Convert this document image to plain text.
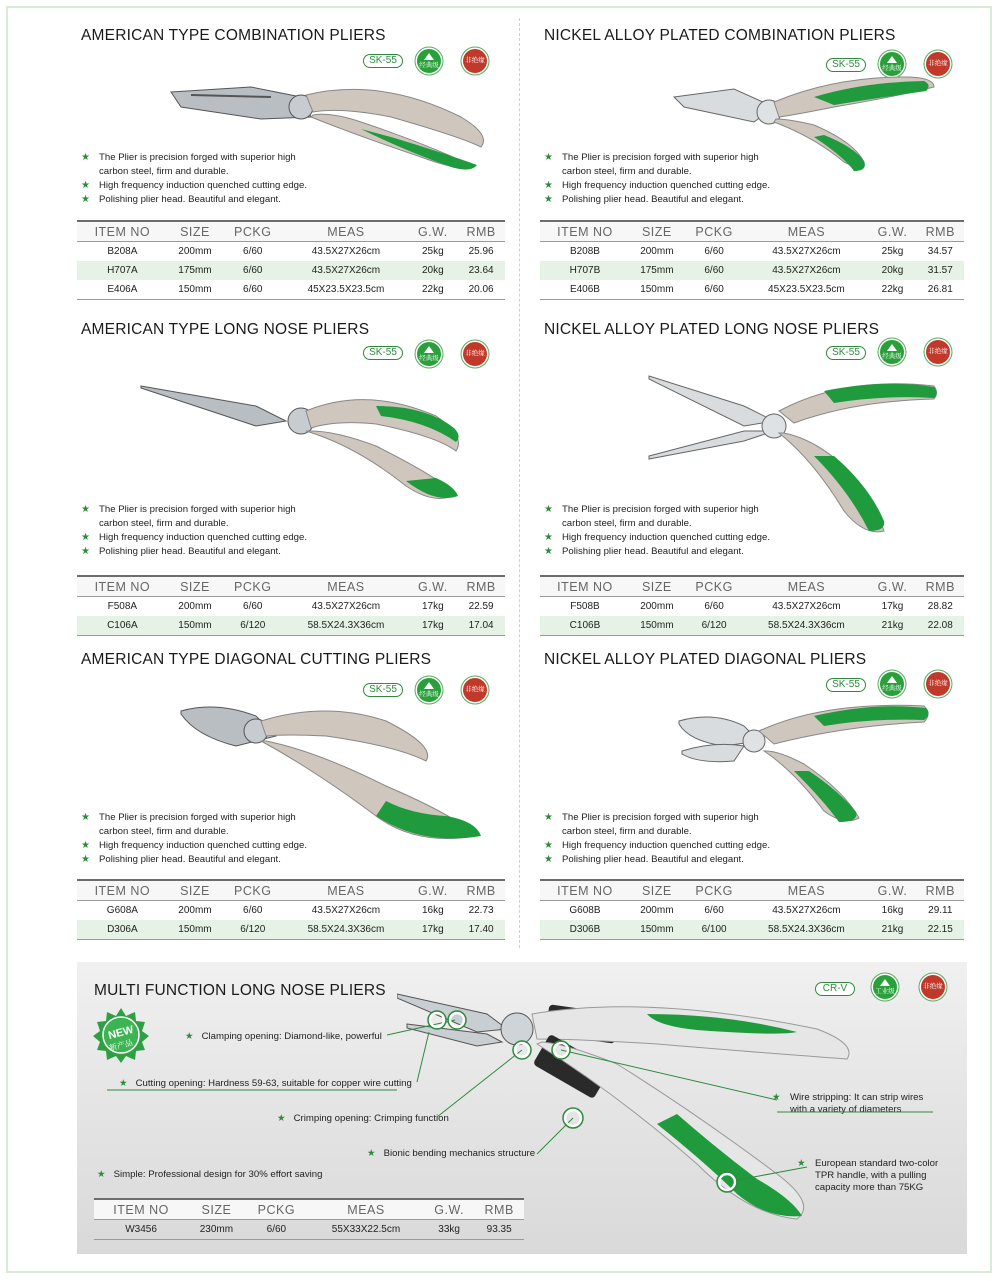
AMERICAN TYPE COMBINATION PLIERS
SK-55	经典级
非绝缘
★ The Plier is precision forged with superior high
carbon steel, firm and durable.
★ High frequency induction quenched cutting edge.
★ Polishing plier head. Beautiful and elegant.
ITEM NO	SIZE	PCKG	MEAS	G.W.	RMB
B208A	200mm	6/60	43.5X27X26cm	25kg	25.96
H707A	175mm	6/60	43.5X27X26cm	20kg	23.64
E406A	150mm	6/60	45X23.5X23.5cm	22kg	20.06
NICKEL ALLOY PLATED COMBINATION PLIERS
SK-55	经典级
非绝缘
★ The Plier is precision forged with superior high
carbon steel, firm and durable.
★ High frequency induction quenched cutting edge.
★ Polishing plier head. Beautiful and elegant.
ITEM NO	SIZE	PCKG	MEAS	G.W.	RMB
B208B	200mm	6/60	43.5X27X26cm	25kg	34.57
H707B	175mm	6/60	43.5X27X26cm	20kg	31.57
E406B	150mm	6/60	45X23.5X23.5cm	22kg	26.81
AMERICAN TYPE LONG NOSE PLIERS
SK-55
经典级
非绝缘
★ The Plier is precision forged with superior high
carbon steel, firm and durable.
★ High frequency induction quenched cutting edge.
★ Polishing plier head. Beautiful and elegant.
ITEM NO	SIZE	PCKG	MEAS	G.W.	RMB
F508A	200mm	6/60	43.5X27X26cm	17kg	22.59
C106A	150mm	6/120	58.5X24.3X36cm	17kg	17.04
NICKEL ALLOY PLATED LONG NOSE PLIERS
SK-55	经典级
非绝缘
★ The Plier is precision forged with superior high
carbon steel, firm and durable.
★ High frequency induction quenched cutting edge.
★ Polishing plier head. Beautiful and elegant.
ITEM NO	SIZE	PCKG	MEAS	G.W.	RMB
F508B	200mm	6/60	43.5X27X26cm	17kg	28.82
C106B	150mm	6/120	58.5X24.3X36cm	21kg	22.08
AMERICAN TYPE DIAGONAL CUTTING PLIERS
SK-55	经典级
非绝缘
★ The Plier is precision forged with superior high
carbon steel, firm and durable.
★ High frequency induction quenched cutting edge.
★ Polishing plier head. Beautiful and elegant.
ITEM NO	SIZE	PCKG	MEAS	G.W.	RMB
G608A	200mm	6/60	43.5X27X26cm	16kg	22.73
D306A	150mm	6/120	58.5X24.3X36cm	17kg	17.40
NICKEL ALLOY PLATED DIAGONAL PLIERS
SK-55	经典级
非绝缘
★ The Plier is precision forged with superior high
carbon steel, firm and durable.
★ High frequency induction quenched cutting edge.
★ Polishing plier head. Beautiful and elegant.
ITEM NO	SIZE	PCKG	MEAS	G.W.	RMB
G608B	200mm	6/60	43.5X27X26cm	16kg	29.11
D306B	150mm	6/100	58.5X24.3X36cm	21kg	22.15
MULTI FUNCTION LONG NOSE PLIERS	CR-V	工业级
非绝缘
NEW
新产品
★ Clamping opening: Diamond-like, powerful
★ Cutting opening: Hardness 59-63, suitable for copper wire cutting
★ Crimping opening: Crimping function
★ Bionic bending mechanics structure
★ Simple: Professional design for 30% effort saving
★ Wire stripping: It can strip wires
with a variety of diameters
★ European standard two-color
TPR handle, with a pulling
capacity more than 75KG
ITEM NO	SIZE	PCKG	MEAS	G.W.	RMB
W3456	230mm	6/60	55X33X22.5cm	33kg	93.35
